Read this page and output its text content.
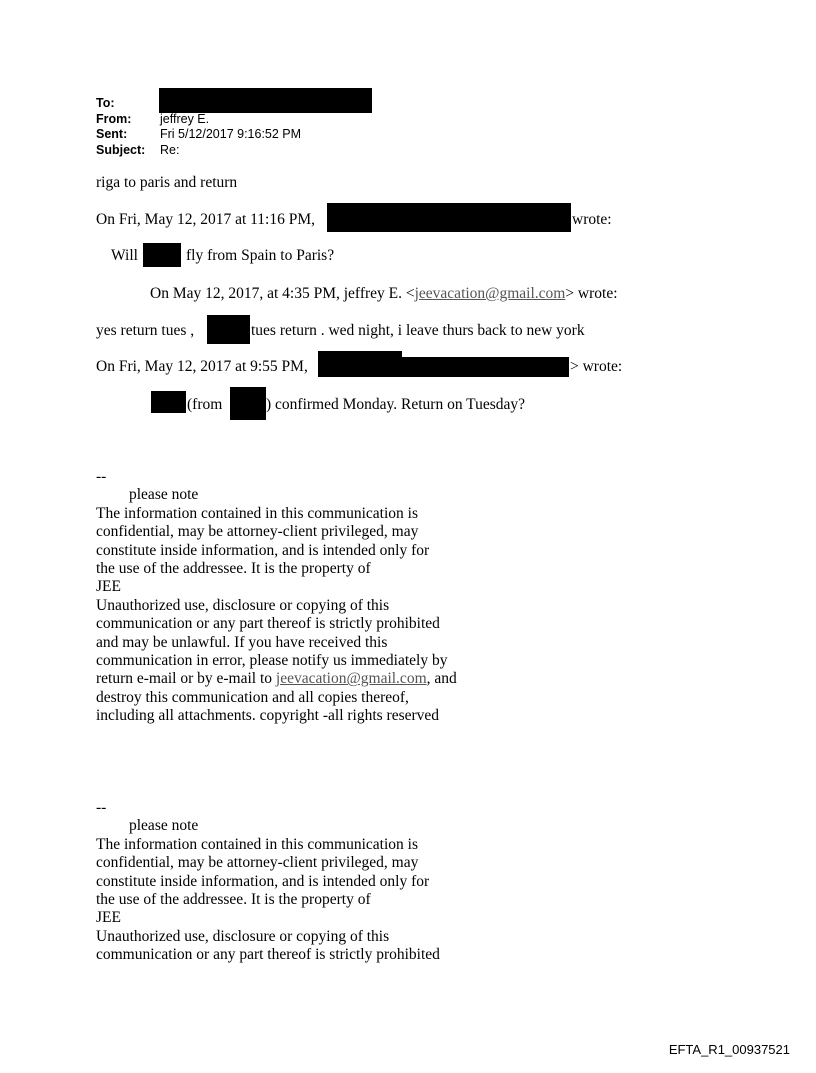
To:
From: jeffrey E.
Sent:	Fri 5/12/2017 9:16:52 PM
Subject: Re:
riga to paris and return
On Fri, May 12, 2017 at 11:16 PM,	wrote:
Will	fly from Spain to Paris?
On May 12, 2017, at 4:35 PM, jeffrey E. <jeevacation@gmail.com> wrote:
yes return tues ,	tues return . wed night, i leave thurs back to new york
On Fri, May 12, 2017 at 9:55 PM,	> wrote:
(from	) confirmed Monday. Return on Tuesday?
--
please note
The information contained in this communication is
confidential, may be attorney-client privileged, may
constitute inside information, and is intended only for
the use of the addressee. It is the property of
JEE
Unauthorized use, disclosure or copying of this
communication or any part thereof is strictly prohibited
and may be unlawful. If you have received this
communication in error, please notify us immediately by
return e-mail or by e-mail to jeevacation@gmail.com, and
destroy this communication and all copies thereof,
including all attachments. copyright -all rights reserved
--
please note
The information contained in this communication is
confidential, may be attorney-client privileged, may
constitute inside information, and is intended only for
the use of the addressee. It is the property of
JEE
Unauthorized use, disclosure or copying of this
communication or any part thereof is strictly prohibited
EFTA_R1_00937521
